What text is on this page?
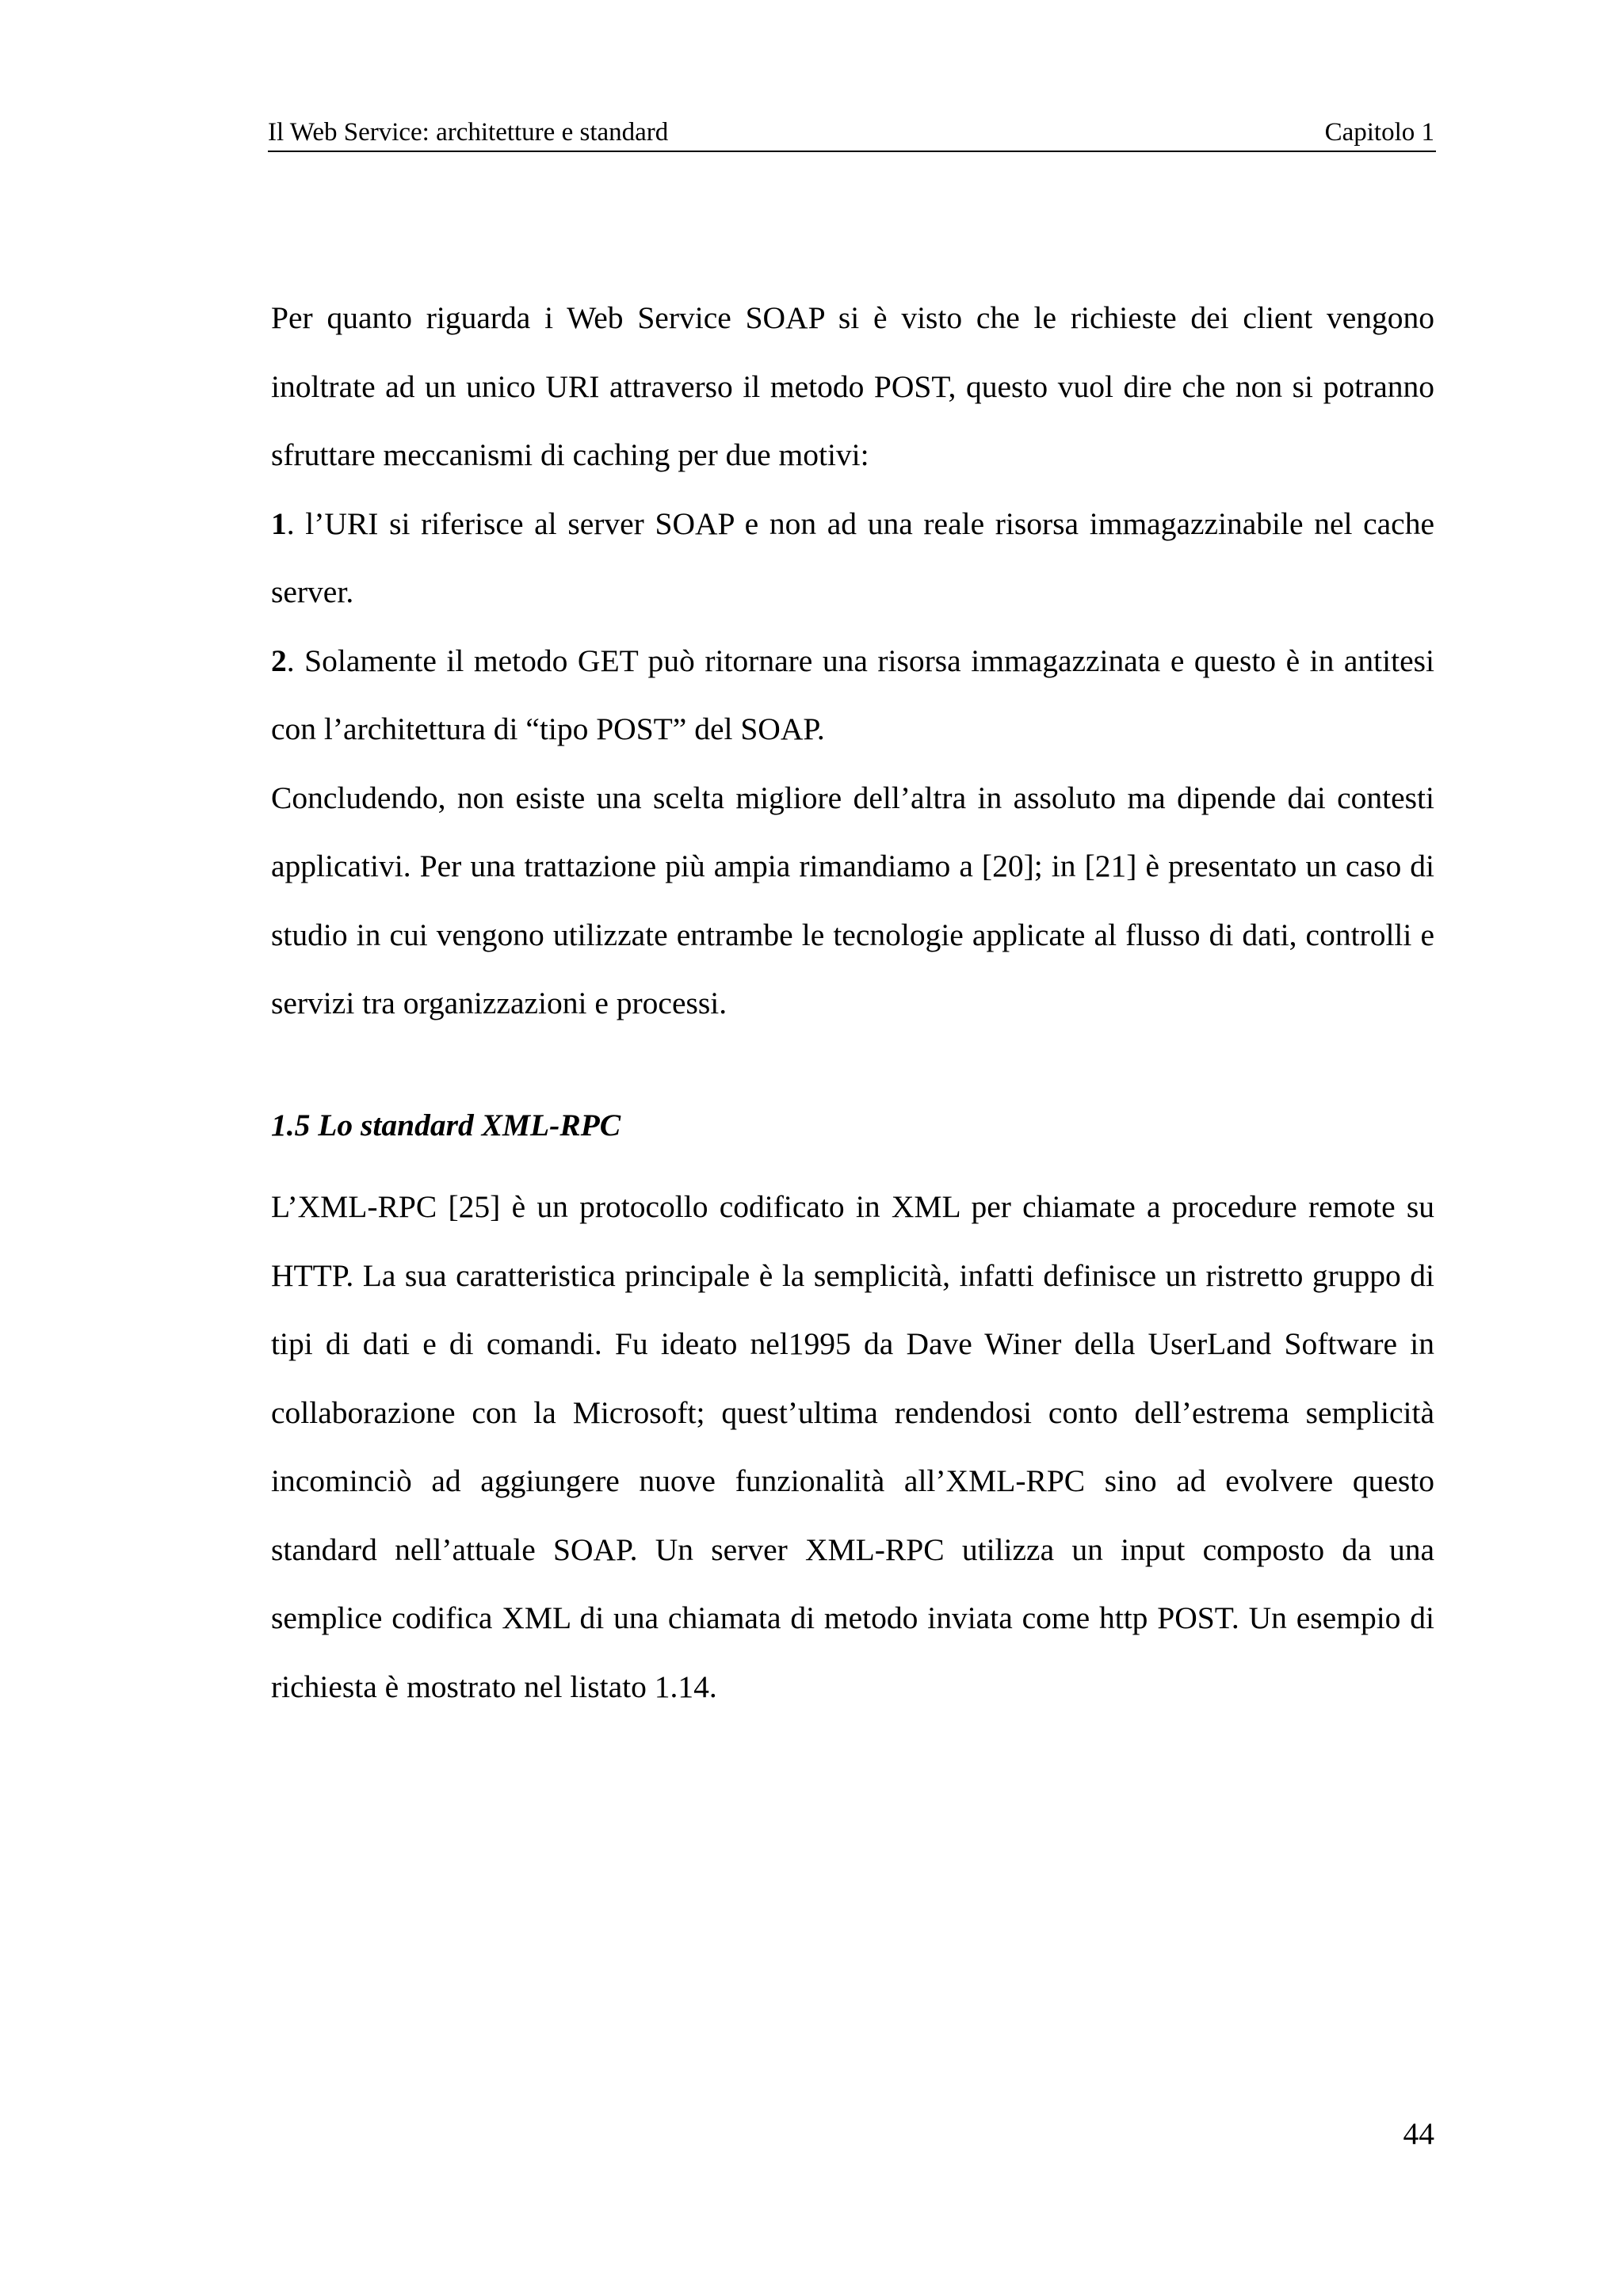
Il Web Service: architetture e standard	Capitolo 1

Per quanto riguarda i Web Service SOAP si è visto che le richieste dei client vengono inoltrate ad un unico URI attraverso il metodo POST, questo vuol dire che non si potranno sfruttare meccanismi di caching per due motivi:

1. l’URI si riferisce al server SOAP e non ad una reale risorsa immagazzinabile nel cache server.

2. Solamente il metodo GET può ritornare una risorsa immagazzinata e questo è in antitesi con l’architettura di “tipo POST” del SOAP.

Concludendo, non esiste una scelta migliore dell’altra in assoluto ma dipende dai contesti applicativi. Per una trattazione più ampia rimandiamo a [20]; in [21] è presentato un caso di studio in cui vengono utilizzate entrambe le tecnologie applicate al flusso di dati, controlli e servizi tra organizzazioni e processi.

1.5 Lo standard XML-RPC

L’XML-RPC [25] è un protocollo codificato in XML per chiamate a procedure remote su HTTP. La sua caratteristica principale è la semplicità, infatti definisce un ristretto gruppo di tipi di dati e di comandi. Fu ideato nel1995 da Dave Winer della UserLand Software in collaborazione con la Microsoft; quest’ultima rendendosi conto dell’estrema semplicità incominciò ad aggiungere nuove funzionalità all’XML-RPC sino ad evolvere questo standard nell’attuale SOAP. Un server XML-RPC utilizza un input composto da una semplice codifica XML di una chiamata di metodo inviata come http POST. Un esempio di richiesta è mostrato nel listato 1.14.

44
